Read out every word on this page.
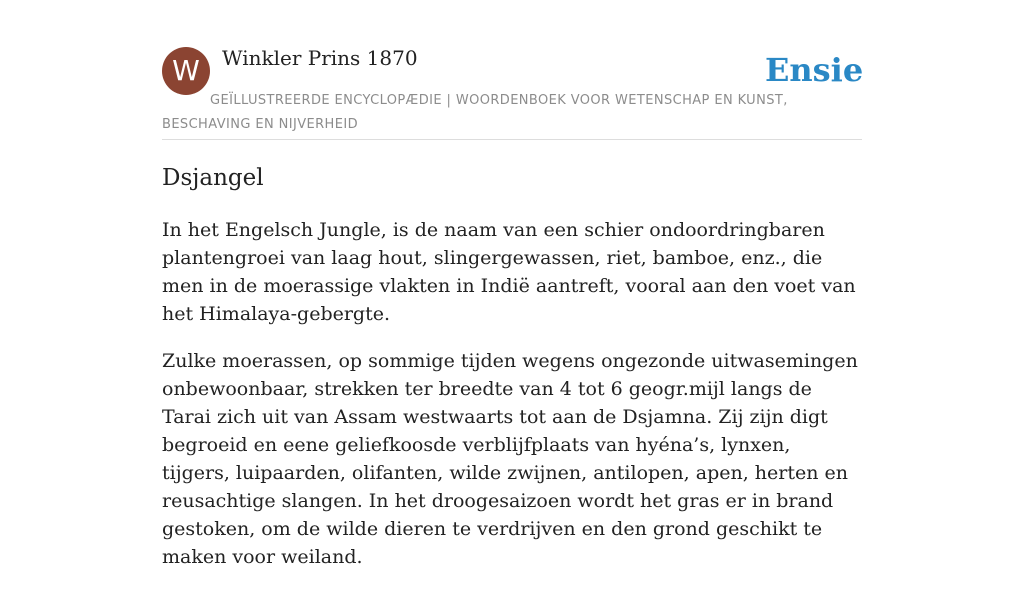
W	Winkler Prins 1870	Ensie
GEÏLLUSTREERDE ENCYCLOPÆDIE | WOORDENBOEK VOOR WETENSCHAP EN KUNST, BESCHAVING EN NIJVERHEID
Dsjangel

In het Engelsch Jungle, is de naam van een schier ondoordringbaren plantengroei van laag hout, slingergewassen, riet, bamboe, enz., die men in de moerassige vlakten in Indië aantreft, vooral aan den voet van het Himalaya-gebergte.

Zulke moerassen, op sommige tijden wegens ongezonde uitwasemingen onbewoonbaar, strekken ter breedte van 4 tot 6 geogr.mijl langs de Tarai zich uit van Assam westwaarts tot aan de Dsjamna. Zij zijn digt begroeid en eene geliefkoosde verblijfplaats van hyéna’s, lynxen, tijgers, luipaarden, olifanten, wilde zwijnen, antilopen, apen, herten en reusachtige slangen. In het droogesaizoen wordt het gras er in brand gestoken, om de wilde dieren te verdrijven en den grond geschikt te maken voor weiland.
